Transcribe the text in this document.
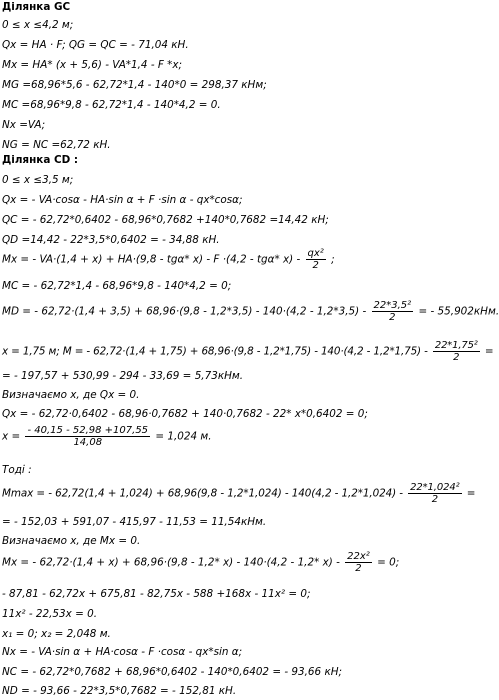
Ділянка GC
0 ≤ x ≤4,2 м;
Qx = HA · F; QG = QC = - 71,04 кН.
Mx = HA* (x + 5,6) - VA*1,4 - F *x;
MG =68,96*5,6 - 62,72*1,4 - 140*0 = 298,37 кНм;
MC =68,96*9,8 - 62,72*1,4 - 140*4,2 = 0.
Nx =VA;
NG = NC =62,72 кН.
Ділянка CD :
0 ≤ x ≤3,5 м;
Qx = - VA·cosα - HA·sin α + F ·sin α - qx*cosα;
QC = - 62,72*0,6402 - 68,96*0,7682 +140*0,7682 =14,42 кН;
QD =14,42 - 22*3,5*0,6402 = - 34,88 кН.
Mx = - VA·(1,4 + x) + HA·(9,8 - tgα* x) - F ·(4,2 - tgα* $x) - \frac{\text{qx²}}{2}$ ;
MC = - 62,72*1,4 - 68,96*9,8 - 140*4,2 = 0;
MD = - $62,72\cdot(1,4 + 3,5) + 68,96\cdot(9,8 - 1,2*3,5) - 140\cdot(4,2 - 1,2*3,5) - \frac{\text{22*3,5²}}{2}$ = - 55,902кНм.
x = 1,75 м; M = - $62,72\cdot(1,4 + 1,75) + 68,96\cdot(9,8 - 1,2*1,75) - 140\cdot(4,2 - 1,2*1,75) - \frac{\text{22*1,75²}}{2}$ =
= - 197,57 + 530,99 - 294 - 33,69 = 5,73кНм.
Визначаємо x, де Qx = 0.
Qx = - 62,72·0,6402 - 68,96·0,7682 + 140·0,7682 - 22* x*0,6402 = 0;
$x = \frac{- 40,15 - 52,98 +107,55}{14,08} = 1,024$ м.
Тоді :
Mmax = - $62,72(1,4 + 1,024) + 68,96(9,8 - 1,2*1,024) - 140(4,2 - 1,2*1,024) - \frac{\text{22*1,024²}}{2}$ =
= - 152,03 + 591,07 - 415,97 - 11,53 = 11,54кНм.
Визначаємо x, де Mx = 0.
Mx = - 62,72·(1,4 + x) + 68,96·(9,8 - 1,2* x) - 140·(4,2 - 1,2* $x) - \frac{\text{22x²}}{2} = 0$;
- 87,81 - 62,72x + 675,81 - 82,75x - 588 +168x - 11x² = 0;
11x² - 22,53x = 0.
x₁ = 0; x₂ = 2,048 м.
Nx = - VA·sin α + HA·cosα - F ·cosα - qx*sin α;
NC = - 62,72*0,7682 + 68,96*0,6402 - 140*0,6402 = - 93,66 кН;
ND = - 93,66 - 22*3,5*0,7682 = - 152,81 кН.
